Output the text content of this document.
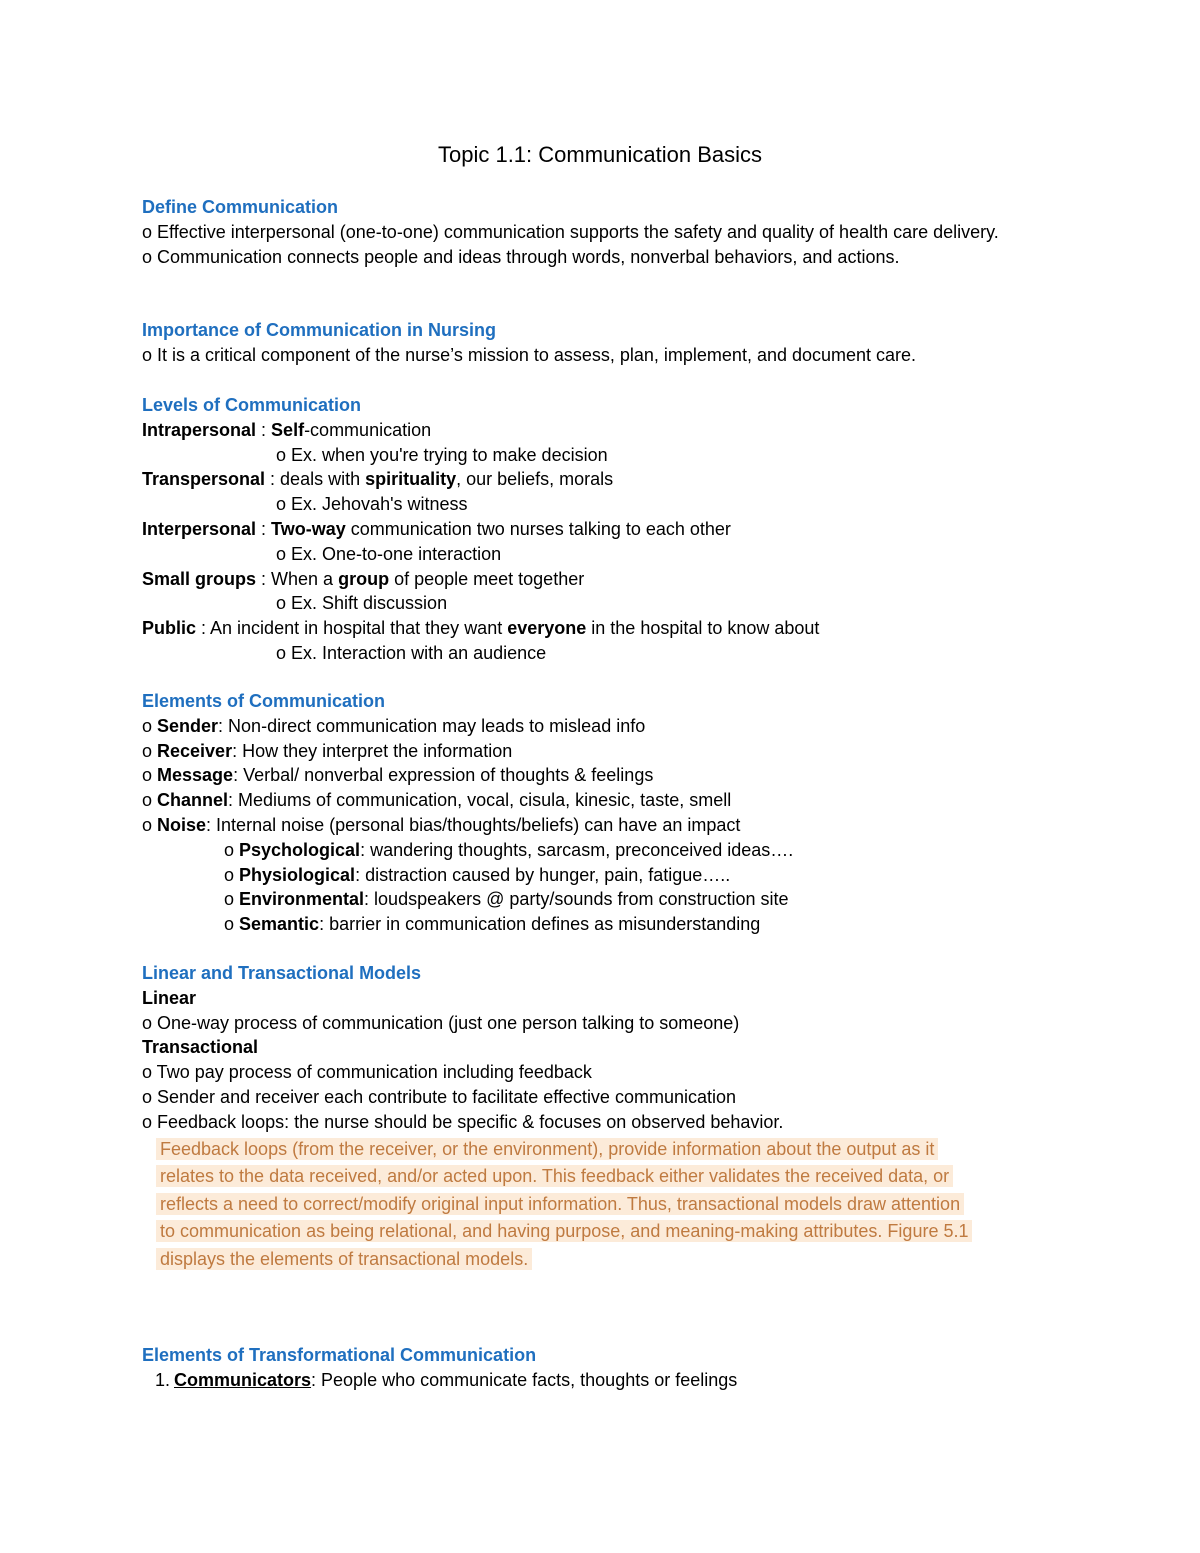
Topic 1.1: Communication Basics
Define Communication
o Effective interpersonal (one-to-one) communication supports the safety and quality of health care delivery.
o Communication connects people and ideas through words, nonverbal behaviors, and actions.
Importance of Communication in Nursing
o It is a critical component of the nurse’s mission to assess, plan, implement, and document care.
Levels of Communication
Intrapersonal : Self-communication
o Ex. when you're trying to make decision
Transpersonal : deals with spirituality, our beliefs, morals
o Ex. Jehovah's witness
Interpersonal : Two-way communication two nurses talking to each other
o Ex. One-to-one interaction
Small groups : When a group of people meet together
o Ex. Shift discussion
Public : An incident in hospital that they want everyone in the hospital to know about
o Ex. Interaction with an audience
Elements of Communication
o Sender: Non-direct communication may leads to mislead info
o Receiver: How they interpret the information
o Message: Verbal/ nonverbal expression of thoughts & feelings
o Channel: Mediums of communication, vocal, cisula, kinesic, taste, smell
o Noise: Internal noise (personal bias/thoughts/beliefs) can have an impact
o Psychological: wandering thoughts, sarcasm, preconceived ideas….
o Physiological: distraction caused by hunger, pain, fatigue…..
o Environmental: loudspeakers @ party/sounds from construction site
o Semantic: barrier in communication defines as misunderstanding
Linear and Transactional Models
Linear
o One-way process of communication (just one person talking to someone)
Transactional
o Two pay process of communication including feedback
o Sender and receiver each contribute to facilitate effective communication
o Feedback loops: the nurse should be specific & focuses on observed behavior.
Feedback loops (from the receiver, or the environment), provide information about the output as it
relates to the data received, and/or acted upon. This feedback either validates the received data, or
reflects a need to correct/modify original input information. Thus, transactional models draw attention
to communication as being relational, and having purpose, and meaning-making attributes. Figure 5.1
displays the elements of transactional models.
Elements of Transformational Communication
1. Communicators: People who communicate facts, thoughts or feelings
